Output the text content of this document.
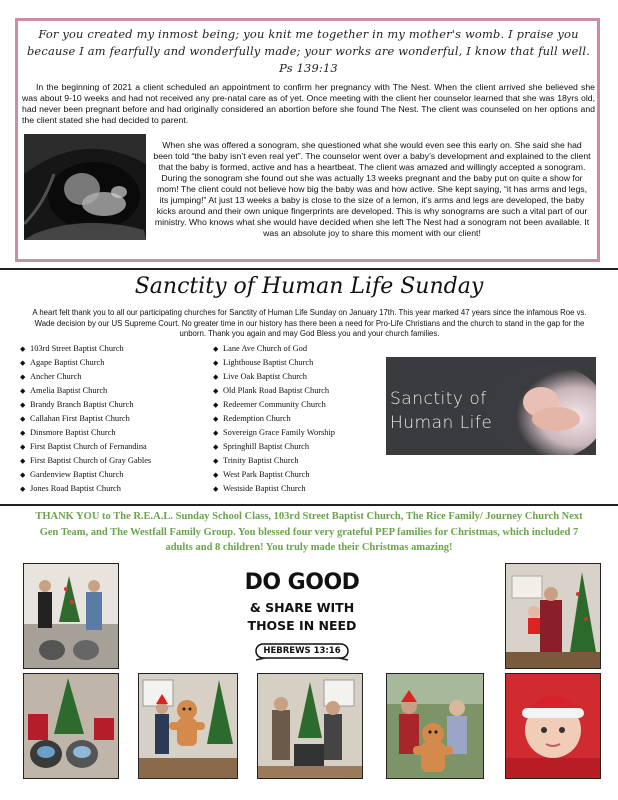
For you created my inmost being; you knit me together in my mother's womb. I praise you because I am fearfully and wonderfully made; your works are wonderful, I know that full well. Ps 139:13
In the beginning of 2021 a client scheduled an appointment to confirm her pregnancy with The Nest. When the client arrived she believed she was about 9-10 weeks and had not received any pre-natal care as of yet. Once meeting with the client her counselor learned that she was 18yrs old, had never been pregnant before and had originally considered an abortion before she found The Nest. The client was counseled on her options and the client stated she had decided to parent.
When she was offered a sonogram, she questioned what she would even see this early on. She said she had been told “the baby isn’t even real yet”. The counselor went over a baby’s development and explained to the client that the baby is formed, active and has a heartbeat. The client was amazed and willingly accepted a sonogram. During the sonogram she found out she was actually 13 weeks pregnant and the baby put on quite a show for mom! The client could not believe how big the baby was and how active. She kept saying, “it has arms and legs, its jumping!” At just 13 weeks a baby is close to the size of a lemon, it’s arms and legs are developed, the baby kicks around and their own unique fingerprints are developed. This is why sonograms are such a vital part of our ministry. Who knows what she would have decided when she left The Nest had a sonogram not been available. It was an absolute joy to share this moment with our client!
Sanctity of Human Life Sunday
A heart felt thank you to all our participating churches for Sanctity of Human Life Sunday on January 17th. This year marked 47 years since the infamous Roe vs. Wade decision by our US Supreme Court. No greater time in our history has there been a need for Pro-Life Christians and the church to stand in the gap for the unborn. Thank you again and may God Bless you and your church families.
◆ 103rd Street Baptist Church
◆ Agape Baptist Church
◆ Ancher Church
◆ Amelia Baptist Church
◆ Brandy Branch Baptist Church
◆ Callahan First Baptist Church
◆ Dinsmore Baptist Church
◆ First Baptist Church of Fernandina
◆ First Baptist Church of Gray Gables
◆ Gardenview Baptist Church
◆ Jones Road Baptist Church
◆ Lane Ave Church of God
◆ Lighthouse Baptist Church
◆ Live Oak Baptist Church
◆ Old Plank Road Baptist Church
◆ Redeemer Community Church
◆ Redemption Church
◆ Sovereign Grace Family Worship
◆ Springhill Baptist Church
◆ Trinity Baptist Church
◆ West Park Baptist Church
◆ Westside Baptist Church
Sanctity of
Human Life
THANK YOU to The R.E.A.L. Sunday School Class, 103rd Street Baptist Church, The Rice Family/ Journey Church Next Gen Team, and The Westfall Family Group. You blessed four very grateful PEP families for Christmas, which included 7 adults and 8 children! You truly made their Christmas amazing!
DO GOOD
& SHARE WITH
THOSE IN NEED
HEBREWS 13:16
